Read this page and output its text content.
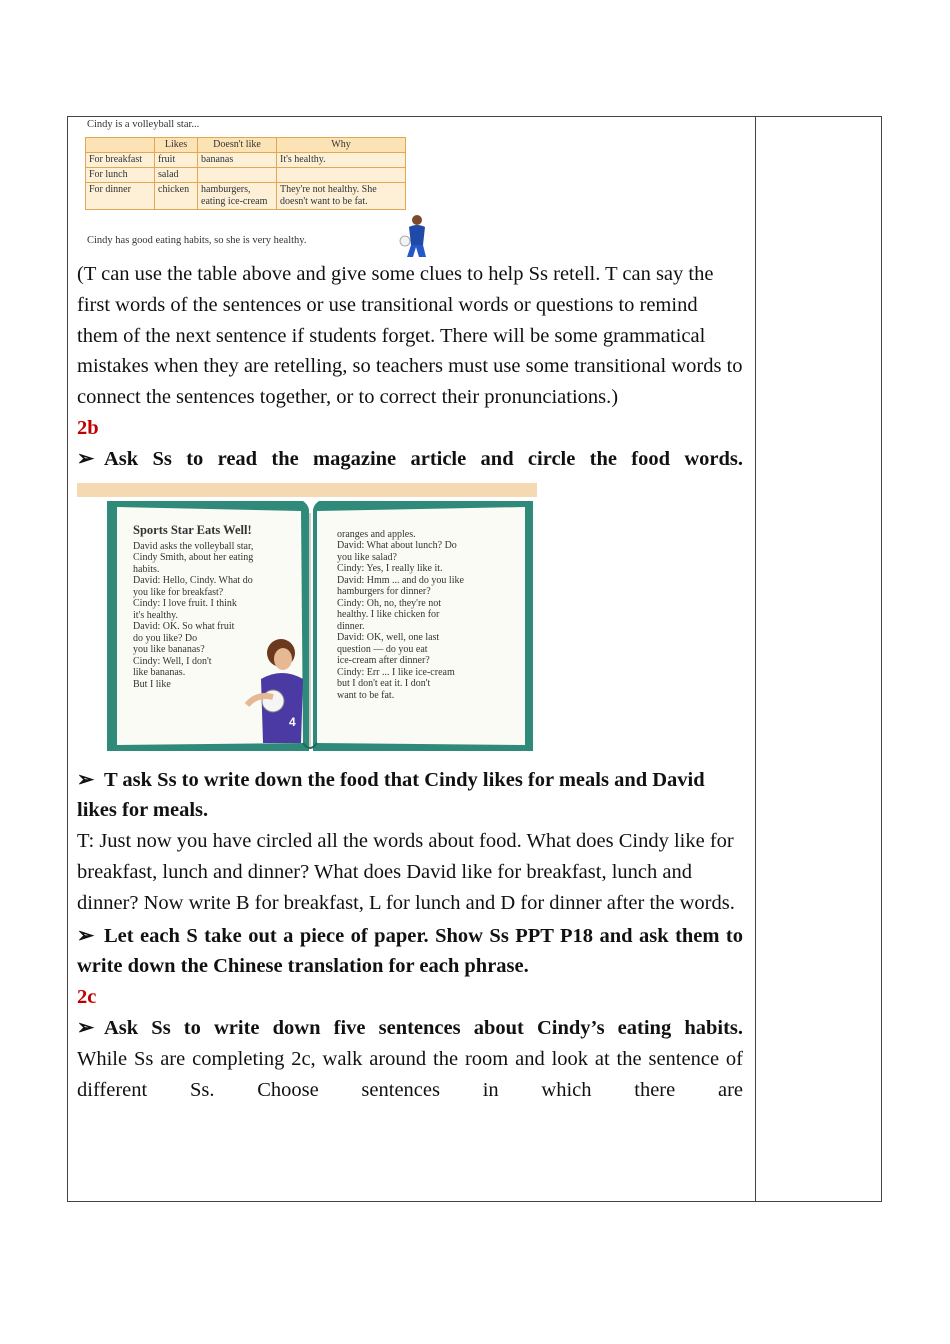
Cindy is a volleyball star...
	Likes	Doesn't like	Why
For breakfast	fruit	bananas	It's healthy.
For lunch	salad		
For dinner	chicken	hamburgers, eating ice-cream	They're not healthy. She doesn't want to be fat.
Cindy has good eating habits, so she is very healthy.

(T can use the table above and give some clues to help Ss retell. T can say the first words of the sentences or use transitional words or questions to remind them of the next sentence if students forget. There will be some grammatical mistakes when they are retelling, so teachers must use some transitional words to connect the sentences together, or to correct their pronunciations.)

2b

➢ Ask Ss to read the magazine article and circle the food words.

Sports Star Eats Well!
David asks the volleyball star,
Cindy Smith, about her eating
habits.
David: Hello, Cindy. What do
you like for breakfast?
Cindy: I love fruit. I think
it's healthy.
David: OK. So what fruit
do you like? Do
you like bananas?
Cindy: Well, I don't
like bananas.
But I like
oranges and apples.
David: What about lunch? Do
you like salad?
Cindy: Yes, I really like it.
David: Hmm ... and do you like
hamburgers for dinner?
Cindy: Oh, no, they're not
healthy. I like chicken for
dinner.
David: OK, well, one last
question — do you eat
ice-cream after dinner?
Cindy: Err ... I like ice-cream
but I don't eat it. I don't
want to be fat.
4

➢ T ask Ss to write down the food that Cindy likes for meals and David likes for meals.

T: Just now you have circled all the words about food. What does Cindy like for breakfast, lunch and dinner? What does David like for breakfast, lunch and dinner? Now write B for breakfast, L for lunch and D for dinner after the words.

➢ Let each S take out a piece of paper. Show Ss PPT P18 and ask them to write down the Chinese translation for each phrase.

2c

➢ Ask Ss to write down five sentences about Cindy’s eating habits.

While Ss are completing 2c, walk around the room and look at the sentence of different Ss. Choose sentences in which there are
